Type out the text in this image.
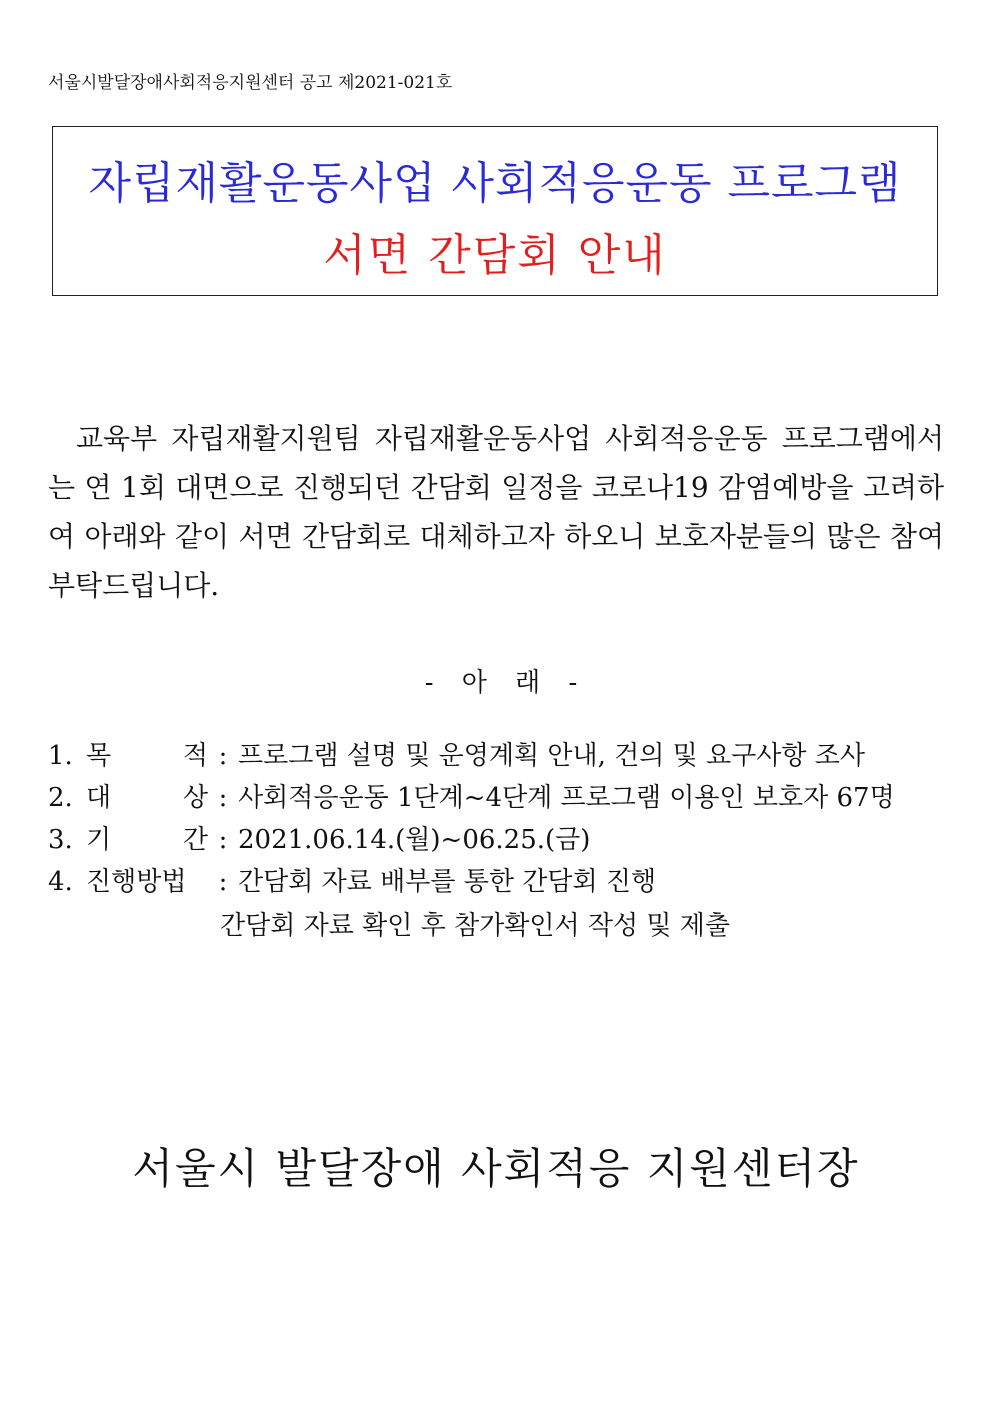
서울시발달장애사회적응지원센터 공고 제2021-021호
자립재활운동사업 사회적응운동 프로그램
서면 간담회 안내
교육부 자립재활지원팀 자립재활운동사업 사회적응운동 프로그램에서는 연 1회 대면으로 진행되던 간담회 일정을 코로나19 감염예방을 고려하여 아래와 같이 서면 간담회로 대체하고자 하오니 보호자분들의 많은 참여 부탁드립니다.
- 아 래 -
1. 목	적 : 프로그램 설명 및 운영계획 안내, 건의 및 요구사항 조사
2. 대	상 : 사회적응운동 1단계~4단계 프로그램 이용인 보호자 67명
3. 기	간 : 2021.06.14.(월)~06.25.(금)
4. 진행방법	: 간담회 자료 배부를 통한 간담회 진행
간담회 자료 확인 후 참가확인서 작성 및 제출
서울시 발달장애 사회적응 지원센터장
